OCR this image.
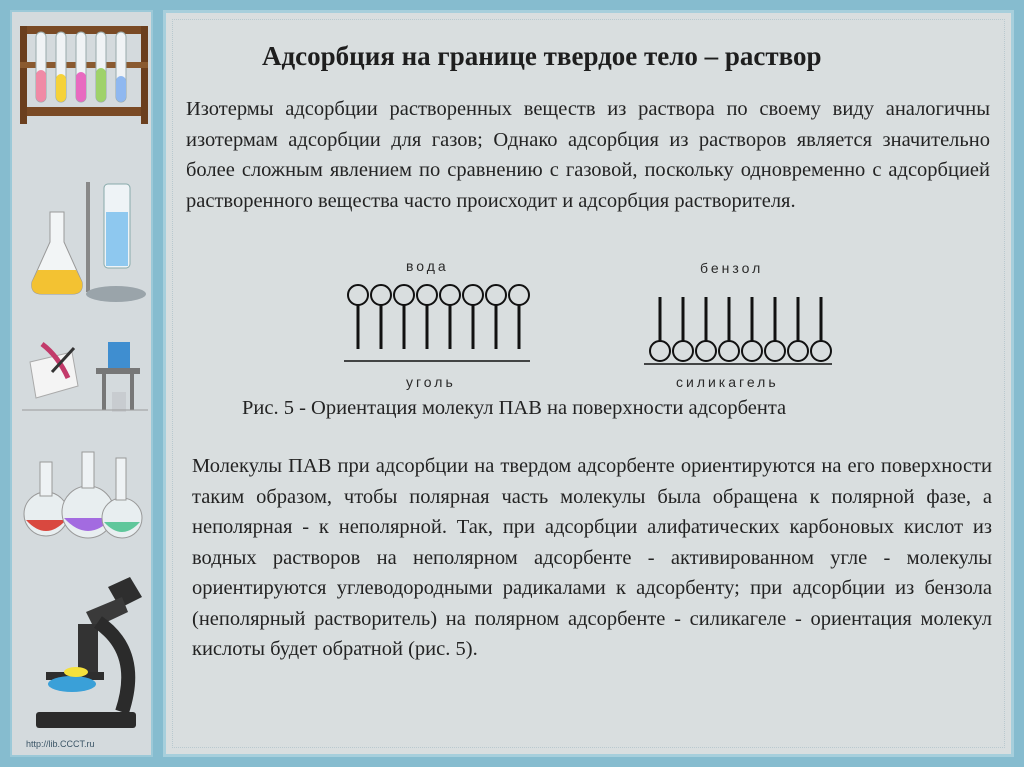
http://lib.CCCT.ru
Адсорбция на границе твердое тело – раствор
Изотермы адсорбции растворенных веществ из раствора по своему виду аналогичны изотермам адсорбции для газов; Однако адсорбция из растворов является значительно более сложным явлением по сравнению с газовой, поскольку одновременно с адсорбцией растворенного вещества часто происходит и адсорбция растворителя.
вода
уголь
бензол
силикагель
Рис. 5 - Ориентация молекул ПАВ на поверхности адсорбента
Молекулы ПАВ при адсорбции на твердом адсорбенте ориентируются на его поверхности таким образом, чтобы полярная часть молекулы была обращена к полярной фазе, а неполярная - к неполярной. Так, при адсорбции алифатических карбоновых кислот из водных растворов на неполярном адсорбенте - активированном угле - молекулы ориентируются углеводородными радикалами к адсорбенту; при адсорбции из бензола (неполярный растворитель) на полярном адсорбенте - силикагеле - ориентация молекул кислоты будет обратной (рис. 5).
